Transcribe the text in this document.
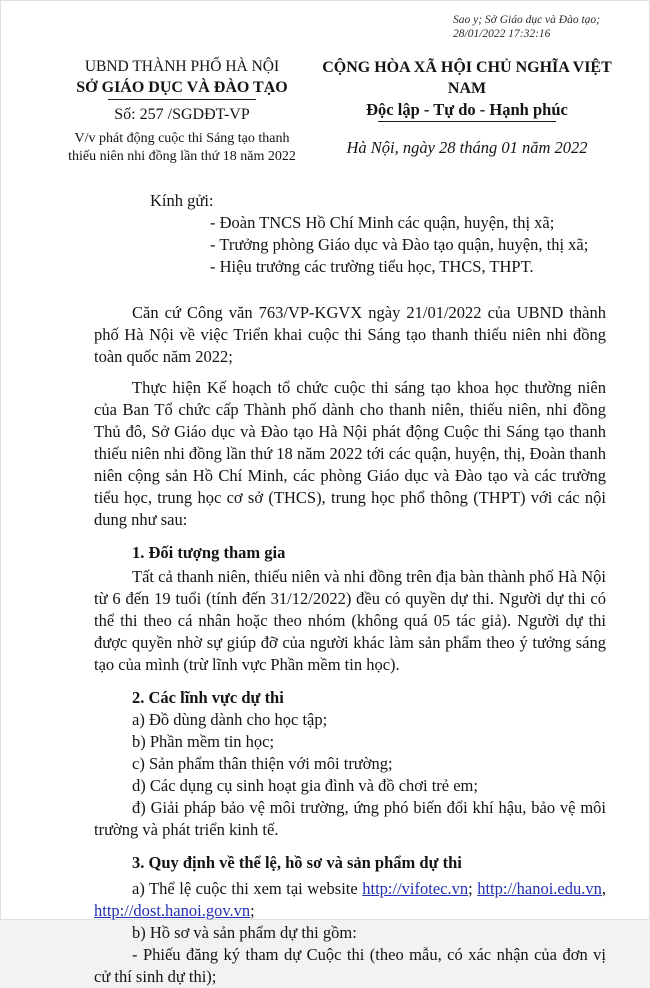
Sao y; Sở Giáo dục và Đào tạo;
28/01/2022 17:32:16
UBND THÀNH PHỐ HÀ NỘI
SỞ GIÁO DỤC VÀ ĐÀO TẠO
Số: 257 /SGDĐT-VP
V/v phát động cuộc thi Sáng tạo thanh
thiếu niên nhi đồng lần thứ 18 năm 2022
CỘNG HÒA XÃ HỘI CHỦ NGHĨA VIỆT NAM
Độc lập - Tự do - Hạnh phúc
Hà Nội, ngày 28 tháng 01 năm 2022
Kính gửi:
- Đoàn TNCS Hồ Chí Minh các quận, huyện, thị xã;
- Trưởng phòng Giáo dục và Đào tạo quận, huyện, thị xã;
- Hiệu trưởng các trường tiểu học, THCS, THPT.

Căn cứ Công văn 763/VP-KGVX ngày 21/01/2022 của UBND thành phố Hà Nội về việc Triển khai cuộc thi Sáng tạo thanh thiếu niên nhi đồng toàn quốc năm 2022;

Thực hiện Kế hoạch tổ chức cuộc thi sáng tạo khoa học thường niên của Ban Tổ chức cấp Thành phố dành cho thanh niên, thiếu niên, nhi đồng Thủ đô, Sở Giáo dục và Đào tạo Hà Nội phát động Cuộc thi Sáng tạo thanh thiếu niên nhi đồng lần thứ 18 năm 2022 tới các quận, huyện, thị, Đoàn thanh niên cộng sản Hồ Chí Minh, các phòng Giáo dục và Đào tạo và các trường tiểu học, trung học cơ sở (THCS), trung học phổ thông (THPT) với các nội dung như sau:

1. Đối tượng tham gia

Tất cả thanh niên, thiếu niên và nhi đồng trên địa bàn thành phố Hà Nội từ 6 đến 19 tuổi (tính đến 31/12/2022) đều có quyền dự thi. Người dự thi có thể thi theo cá nhân hoặc theo nhóm (không quá 05 tác giả). Người dự thi được quyền nhờ sự giúp đỡ của người khác làm sản phẩm theo ý tưởng sáng tạo của mình (trừ lĩnh vực Phần mềm tin học).

2. Các lĩnh vực dự thi

a) Đồ dùng dành cho học tập;

b) Phần mềm tin học;

c) Sản phẩm thân thiện với môi trường;

d) Các dụng cụ sinh hoạt gia đình và đồ chơi trẻ em;

đ) Giải pháp bảo vệ môi trường, ứng phó biến đổi khí hậu, bảo vệ môi trường và phát triển kinh tế.

3. Quy định về thể lệ, hồ sơ và sản phẩm dự thi

a) Thể lệ cuộc thi xem tại website http://vifotec.vn; http://hanoi.edu.vn, http://dost.hanoi.gov.vn;

b) Hồ sơ và sản phẩm dự thi gồm:

- Phiếu đăng ký tham dự Cuộc thi (theo mẫu, có xác nhận của đơn vị cử thí sinh dự thi);
